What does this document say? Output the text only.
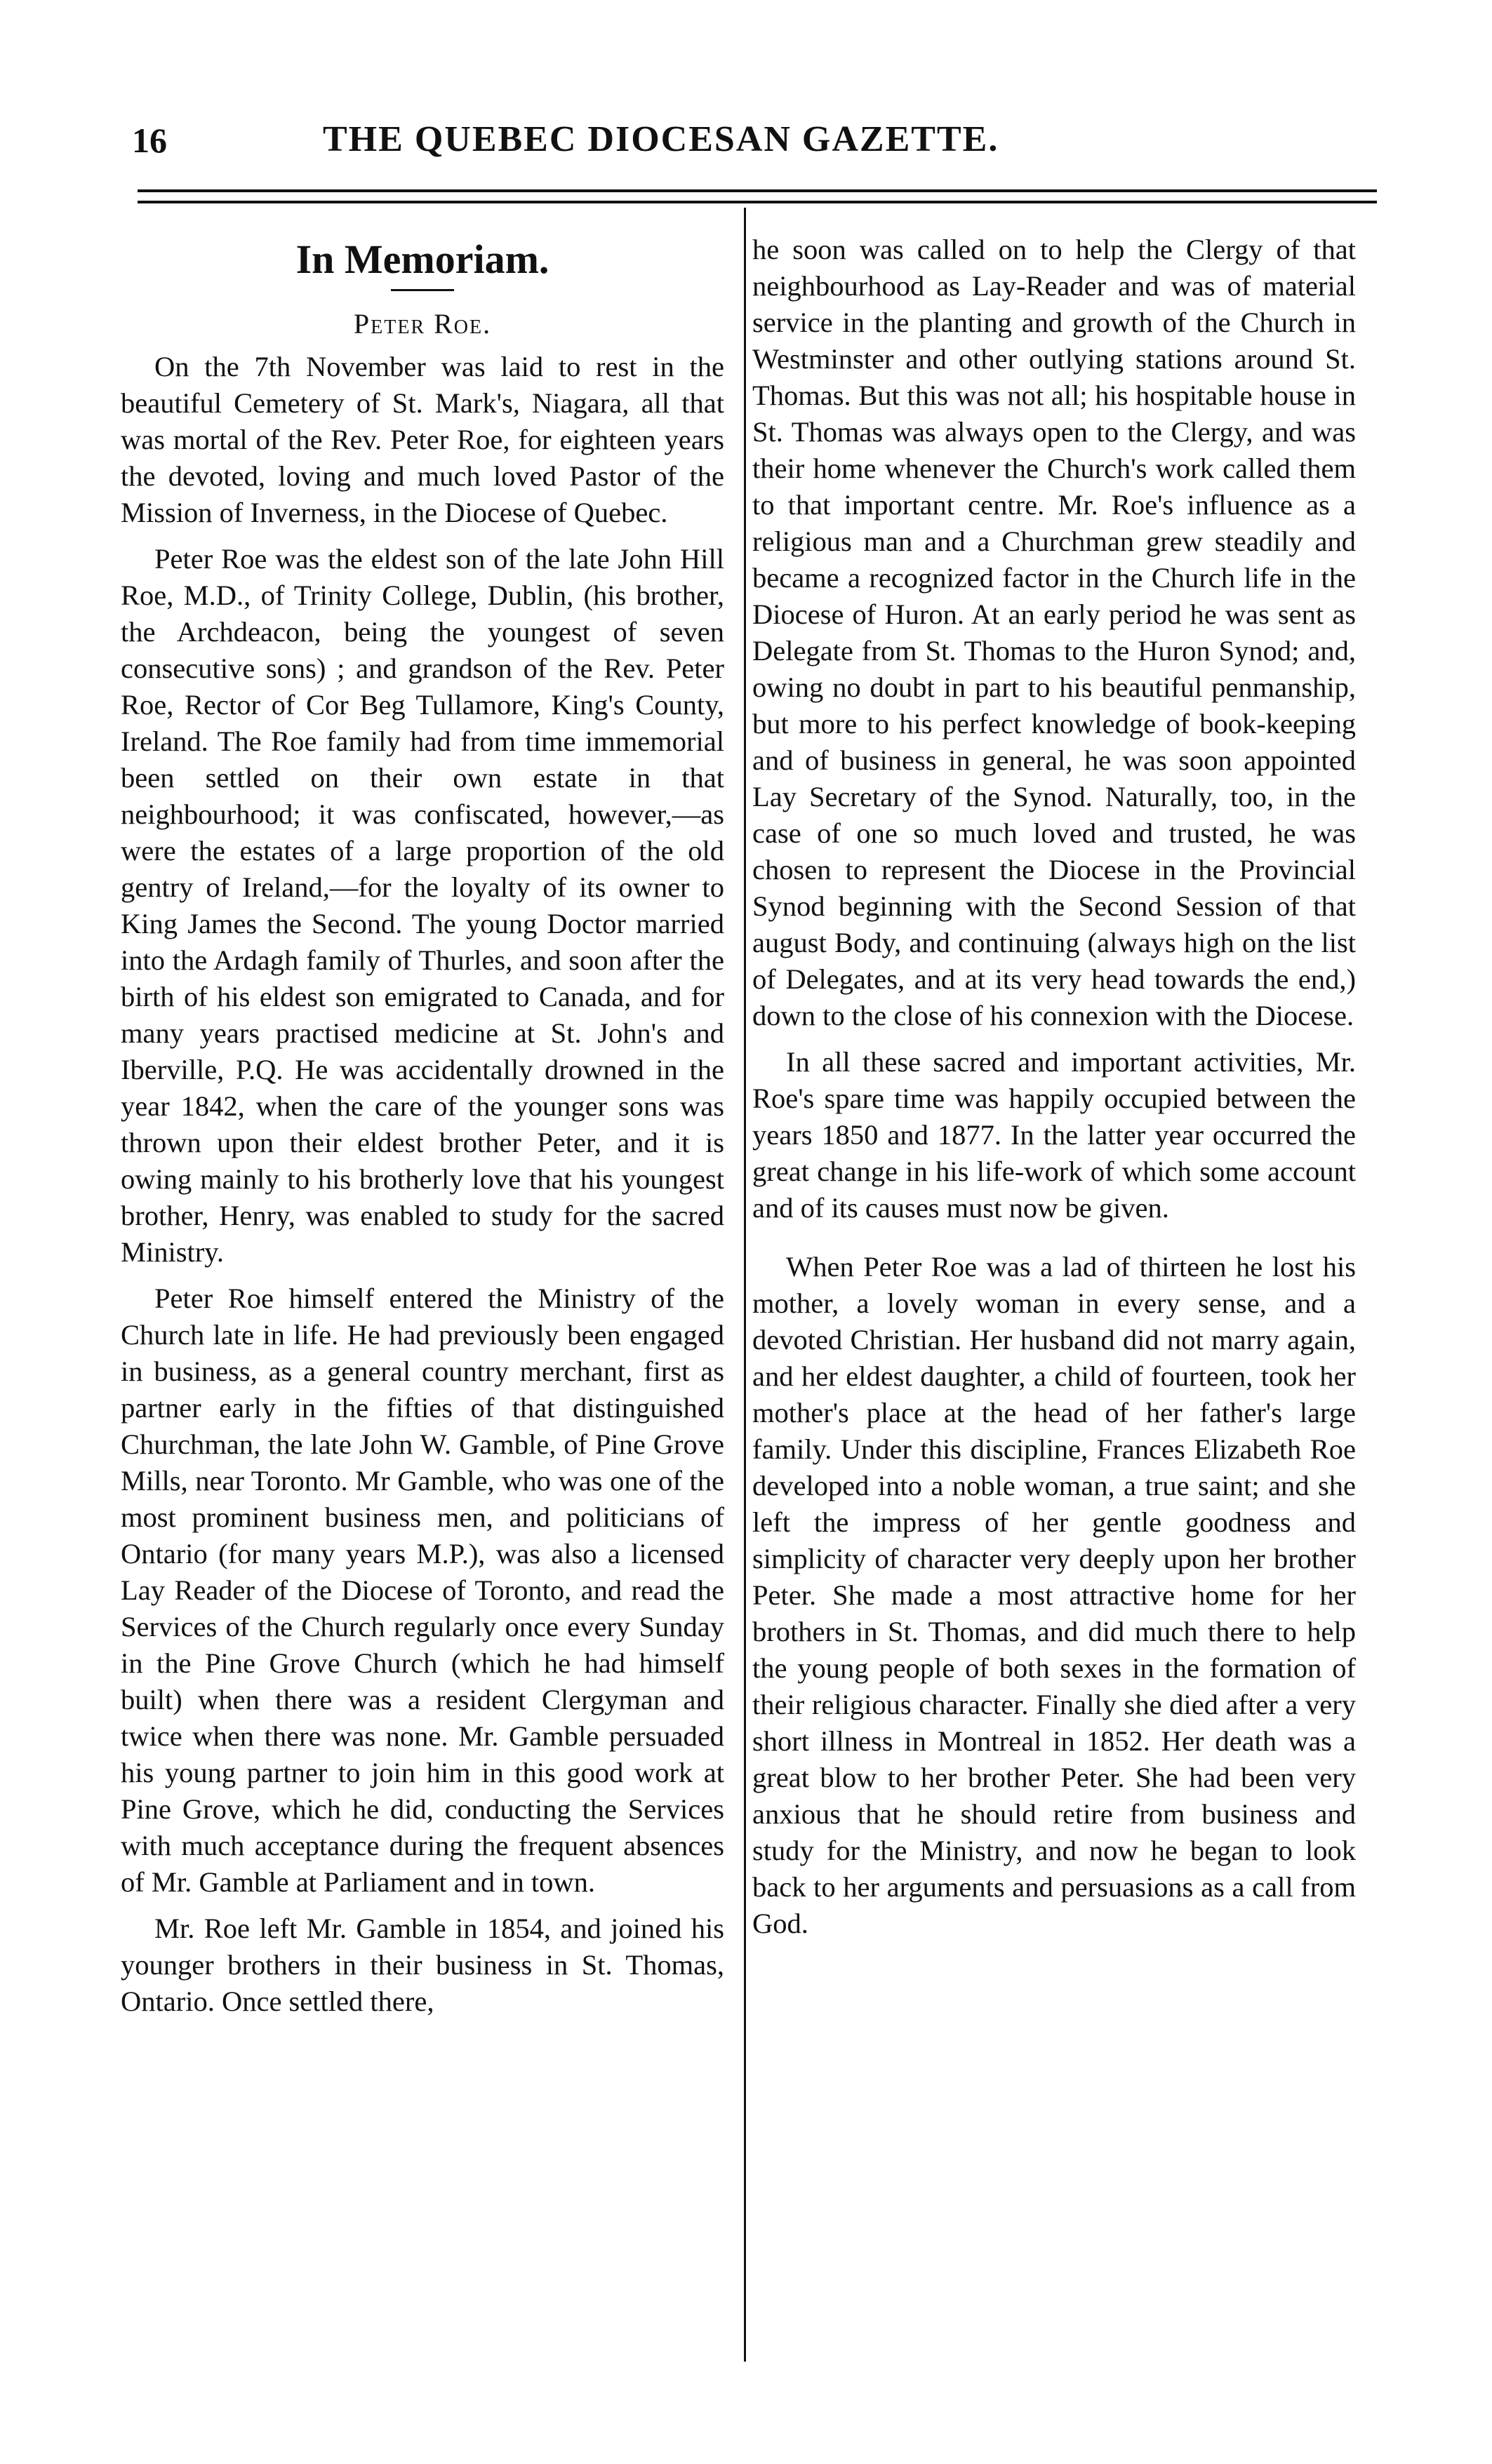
16	THE QUEBEC DIOCESAN GAZETTE.
In Memoriam.
Peter Roe.

On the 7th November was laid to rest in the beautiful Cemetery of St. Mark's, Niagara, all that was mortal of the Rev. Peter Roe, for eighteen years the devoted, loving and much loved Pastor of the Mission of Inverness, in the Diocese of Quebec.

Peter Roe was the eldest son of the late John Hill Roe, M.D., of Trinity College, Dublin, (his brother, the Archdeacon, being the youngest of seven consecutive sons) ; and grandson of the Rev. Peter Roe, Rector of Cor Beg Tullamore, King's County, Ireland. The Roe family had from time immemorial been settled on their own estate in that neighbourhood; it was confiscated, however,—as were the estates of a large proportion of the old gentry of Ireland,—for the loyalty of its owner to King James the Second. The young Doctor married into the Ardagh family of Thurles, and soon after the birth of his eldest son emigrated to Canada, and for many years practised medicine at St. John's and Iberville, P.Q. He was accidentally drowned in the year 1842, when the care of the younger sons was thrown upon their eldest brother Peter, and it is owing mainly to his brotherly love that his youngest brother, Henry, was enabled to study for the sacred Ministry.

Peter Roe himself entered the Ministry of the Church late in life. He had previously been engaged in business, as a general country merchant, first as partner early in the fifties of that distinguished Churchman, the late John W. Gamble, of Pine Grove Mills, near Toronto. Mr Gamble, who was one of the most prominent business men, and politicians of Ontario (for many years M.P.), was also a licensed Lay Reader of the Diocese of Toronto, and read the Services of the Church regularly once every Sunday in the Pine Grove Church (which he had himself built) when there was a resident Clergyman and twice when there was none. Mr. Gamble persuaded his young partner to join him in this good work at Pine Grove, which he did, conducting the Services with much acceptance during the frequent absences of Mr. Gamble at Parliament and in town.

Mr. Roe left Mr. Gamble in 1854, and joined his younger brothers in their business in St. Thomas, Ontario. Once settled there,

he soon was called on to help the Clergy of that neighbourhood as Lay-Reader and was of material service in the planting and growth of the Church in Westminster and other outlying stations around St. Thomas. But this was not all; his hospitable house in St. Thomas was always open to the Clergy, and was their home whenever the Church's work called them to that important centre. Mr. Roe's influence as a religious man and a Churchman grew steadily and became a recognized factor in the Church life in the Diocese of Huron. At an early period he was sent as Delegate from St. Thomas to the Huron Synod; and, owing no doubt in part to his beautiful penmanship, but more to his perfect knowledge of book-keeping and of business in general, he was soon appointed Lay Secretary of the Synod. Naturally, too, in the case of one so much loved and trusted, he was chosen to represent the Diocese in the Provincial Synod beginning with the Second Session of that august Body, and continuing (always high on the list of Delegates, and at its very head towards the end,) down to the close of his connexion with the Diocese.

In all these sacred and important activities, Mr. Roe's spare time was happily occupied between the years 1850 and 1877. In the latter year occurred the great change in his life-work of which some account and of its causes must now be given.

When Peter Roe was a lad of thirteen he lost his mother, a lovely woman in every sense, and a devoted Christian. Her husband did not marry again, and her eldest daughter, a child of fourteen, took her mother's place at the head of her father's large family. Under this discipline, Frances Elizabeth Roe developed into a noble woman, a true saint; and she left the impress of her gentle goodness and simplicity of character very deeply upon her brother Peter. She made a most attractive home for her brothers in St. Thomas, and did much there to help the young people of both sexes in the formation of their religious character. Finally she died after a very short illness in Montreal in 1852. Her death was a great blow to her brother Peter. She had been very anxious that he should retire from business and study for the Ministry, and now he began to look back to her arguments and persuasions as a call from God.
